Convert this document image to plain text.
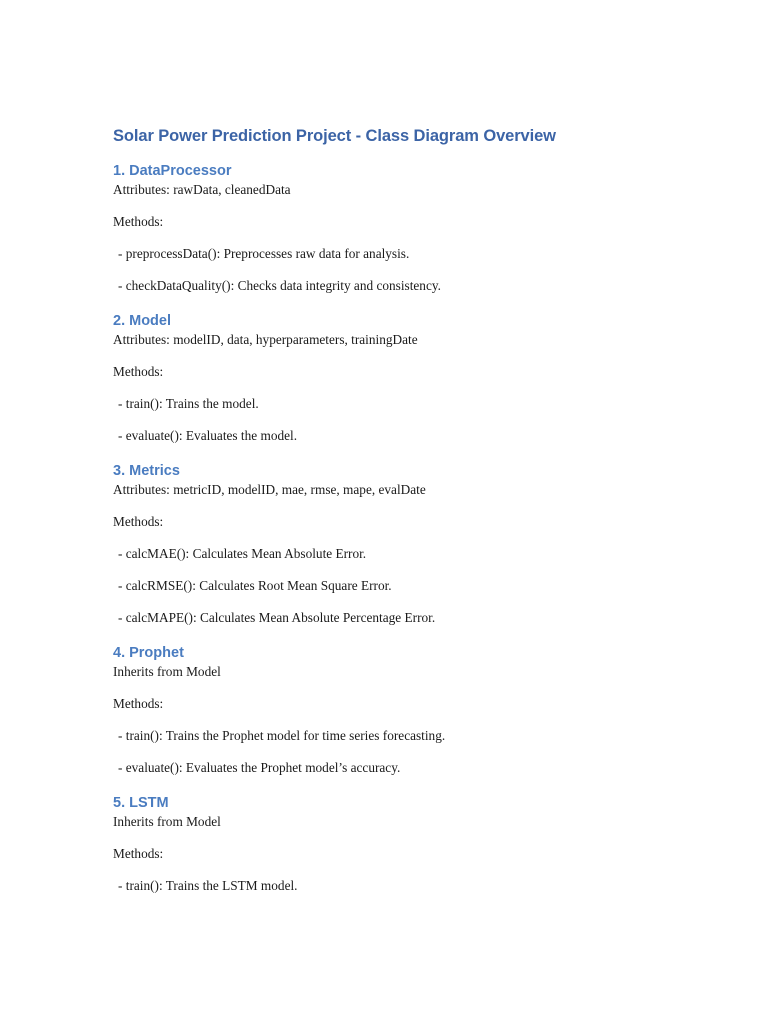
Solar Power Prediction Project - Class Diagram Overview
1. DataProcessor

Attributes: rawData, cleanedData

Methods:

- preprocessData(): Preprocesses raw data for analysis.

- checkDataQuality(): Checks data integrity and consistency.

2. Model

Attributes: modelID, data, hyperparameters, trainingDate

Methods:

- train(): Trains the model.

- evaluate(): Evaluates the model.

3. Metrics

Attributes: metricID, modelID, mae, rmse, mape, evalDate

Methods:

- calcMAE(): Calculates Mean Absolute Error.

- calcRMSE(): Calculates Root Mean Square Error.

- calcMAPE(): Calculates Mean Absolute Percentage Error.

4. Prophet

Inherits from Model

Methods:

- train(): Trains the Prophet model for time series forecasting.

- evaluate(): Evaluates the Prophet model’s accuracy.

5. LSTM

Inherits from Model

Methods:

- train(): Trains the LSTM model.
